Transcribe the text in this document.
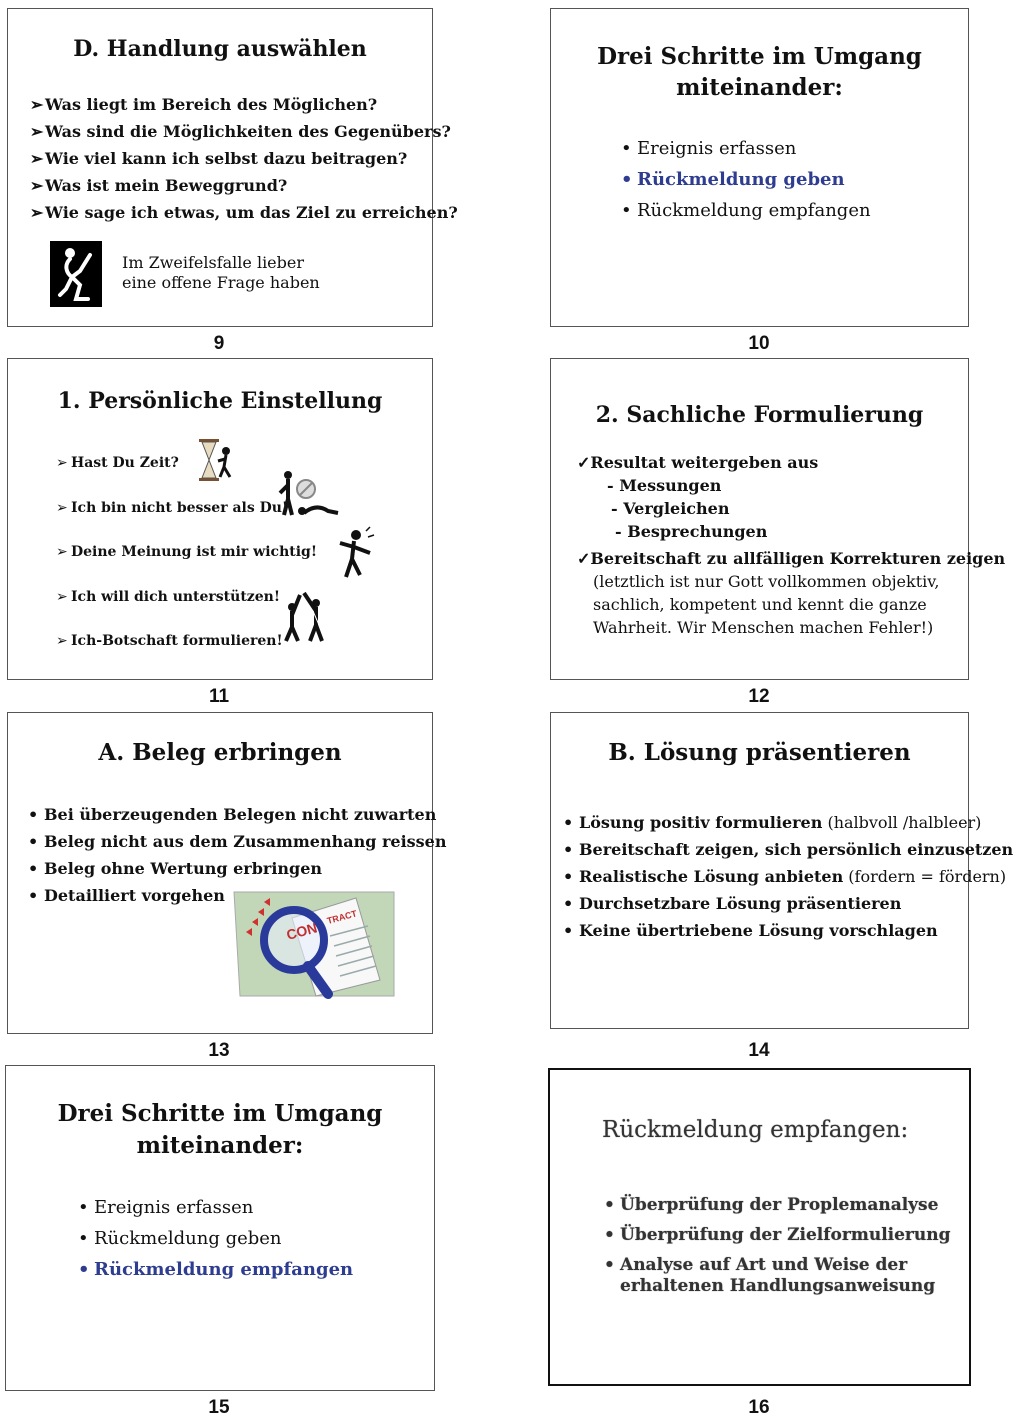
D. Handlung auswählen
➢Was liegt im Bereich des Möglichen?
➢Was sind die Möglichkeiten des Gegenübers?
➢Wie viel kann ich selbst dazu beitragen?
➢Was ist mein Beweggrund?
➢Wie sage ich etwas, um das Ziel zu erreichen?
Im Zweifelsfalle lieber
eine offene Frage haben
9
Drei Schritte im Umgang
miteinander:
• Ereignis erfassen
• Rückmeldung geben
• Rückmeldung empfangen
10
1. Persönliche Einstellung
➢ Hast Du Zeit?
➢ Ich bin nicht besser als Du!
➢ Deine Meinung ist mir wichtig!
➢ Ich will dich unterstützen!
➢ Ich-Botschaft formulieren!
11
2. Sachliche Formulierung
✓Resultat weitergeben aus
- Messungen
- Vergleichen
- Besprechungen
✓Bereitschaft zu allfälligen Korrekturen zeigen
(letztlich ist nur Gott vollkommen objektiv,
sachlich, kompetent und kennt die ganze
Wahrheit. Wir Menschen machen Fehler!)
12
A. Beleg erbringen
• Bei überzeugenden Belegen nicht zuwarten
• Beleg nicht aus dem Zusammenhang reissen
• Beleg ohne Wertung erbringen
• Detailliert vorgehen
CON
TRACT
13
B. Lösung präsentieren
• Lösung positiv formulieren (halbvoll /halbleer)
• Bereitschaft zeigen, sich persönlich einzusetzen
• Realistische Lösung anbieten (fordern = fördern)
• Durchsetzbare Lösung präsentieren
• Keine übertriebene Lösung vorschlagen
14
Drei Schritte im Umgang
miteinander:
• Ereignis erfassen
• Rückmeldung geben
• Rückmeldung empfangen
15
Rückmeldung empfangen:
• Überprüfung der Proplemanalyse
• Überprüfung der Zielformulierung
• Analyse auf Art und Weise der
erhaltenen Handlungsanweisung
16
